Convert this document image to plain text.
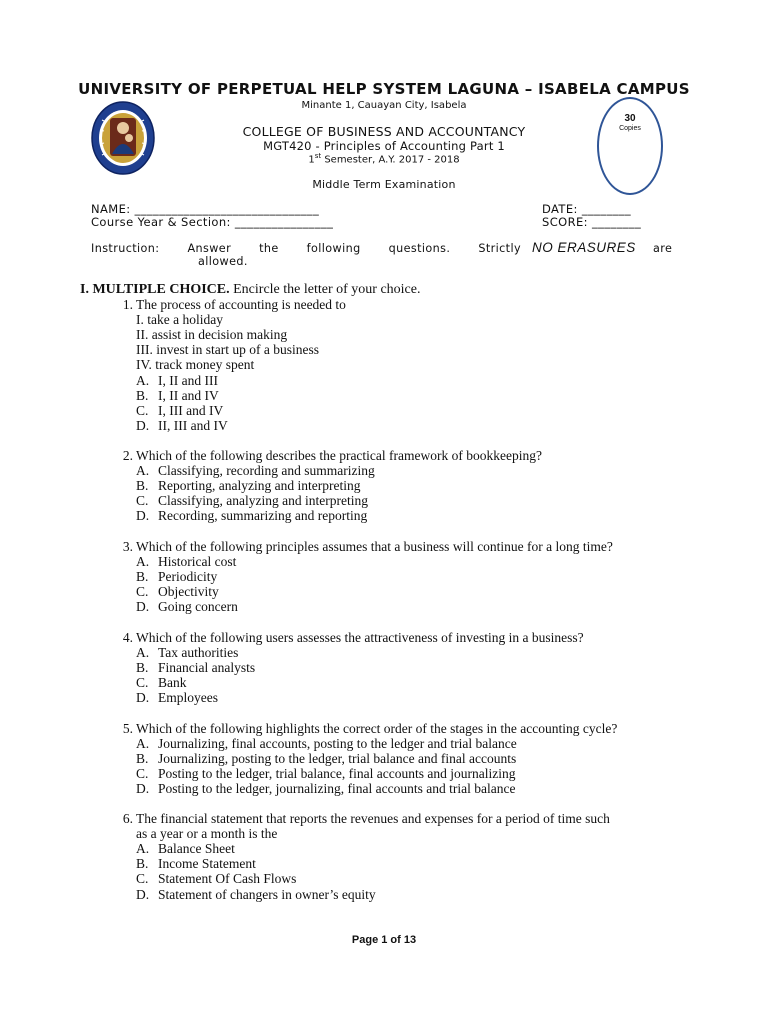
UNIVERSITY OF PERPETUAL HELP SYSTEM LAGUNA – ISABELA CAMPUS
Minante 1, Cauayan City, Isabela
COLLEGE OF BUSINESS AND ACCOUNTANCY
MGT420 - Principles of Accounting Part 1
1st Semester, A.Y. 2017 - 2018
Middle Term Examination
30
Copies
NAME: ______________________________
Course Year & Section: ________________
DATE: ________
SCORE: ________
Instruction: Answer the following questions. Strictly NO ERASURES are
allowed.
I. MULTIPLE CHOICE. Encircle the letter of your choice.
1. The process of accounting is needed to
I. take a holiday
II. assist in decision making
III. invest in start up of a business
IV. track money spent
A. I, II and III
B. I, II and IV
C. I, III and IV
D. II, III and IV
2. Which of the following describes the practical framework of bookkeeping?
A. Classifying, recording and summarizing
B. Reporting, analyzing and interpreting
C. Classifying, analyzing and interpreting
D. Recording, summarizing and reporting
3. Which of the following principles assumes that a business will continue for a long time?
A. Historical cost
B. Periodicity
C. Objectivity
D. Going concern
4. Which of the following users assesses the attractiveness of investing in a business?
A. Tax authorities
B. Financial analysts
C. Bank
D. Employees
5. Which of the following highlights the correct order of the stages in the accounting cycle?
A. Journalizing, final accounts, posting to the ledger and trial balance
B. Journalizing, posting to the ledger, trial balance and final accounts
C. Posting to the ledger, trial balance, final accounts and journalizing
D. Posting to the ledger, journalizing, final accounts and trial balance
6. The financial statement that reports the revenues and expenses for a period of time such
as a year or a month is the
A. Balance Sheet
B. Income Statement
C. Statement Of Cash Flows
D. Statement of changers in owner’s equity
Page 1 of 13
